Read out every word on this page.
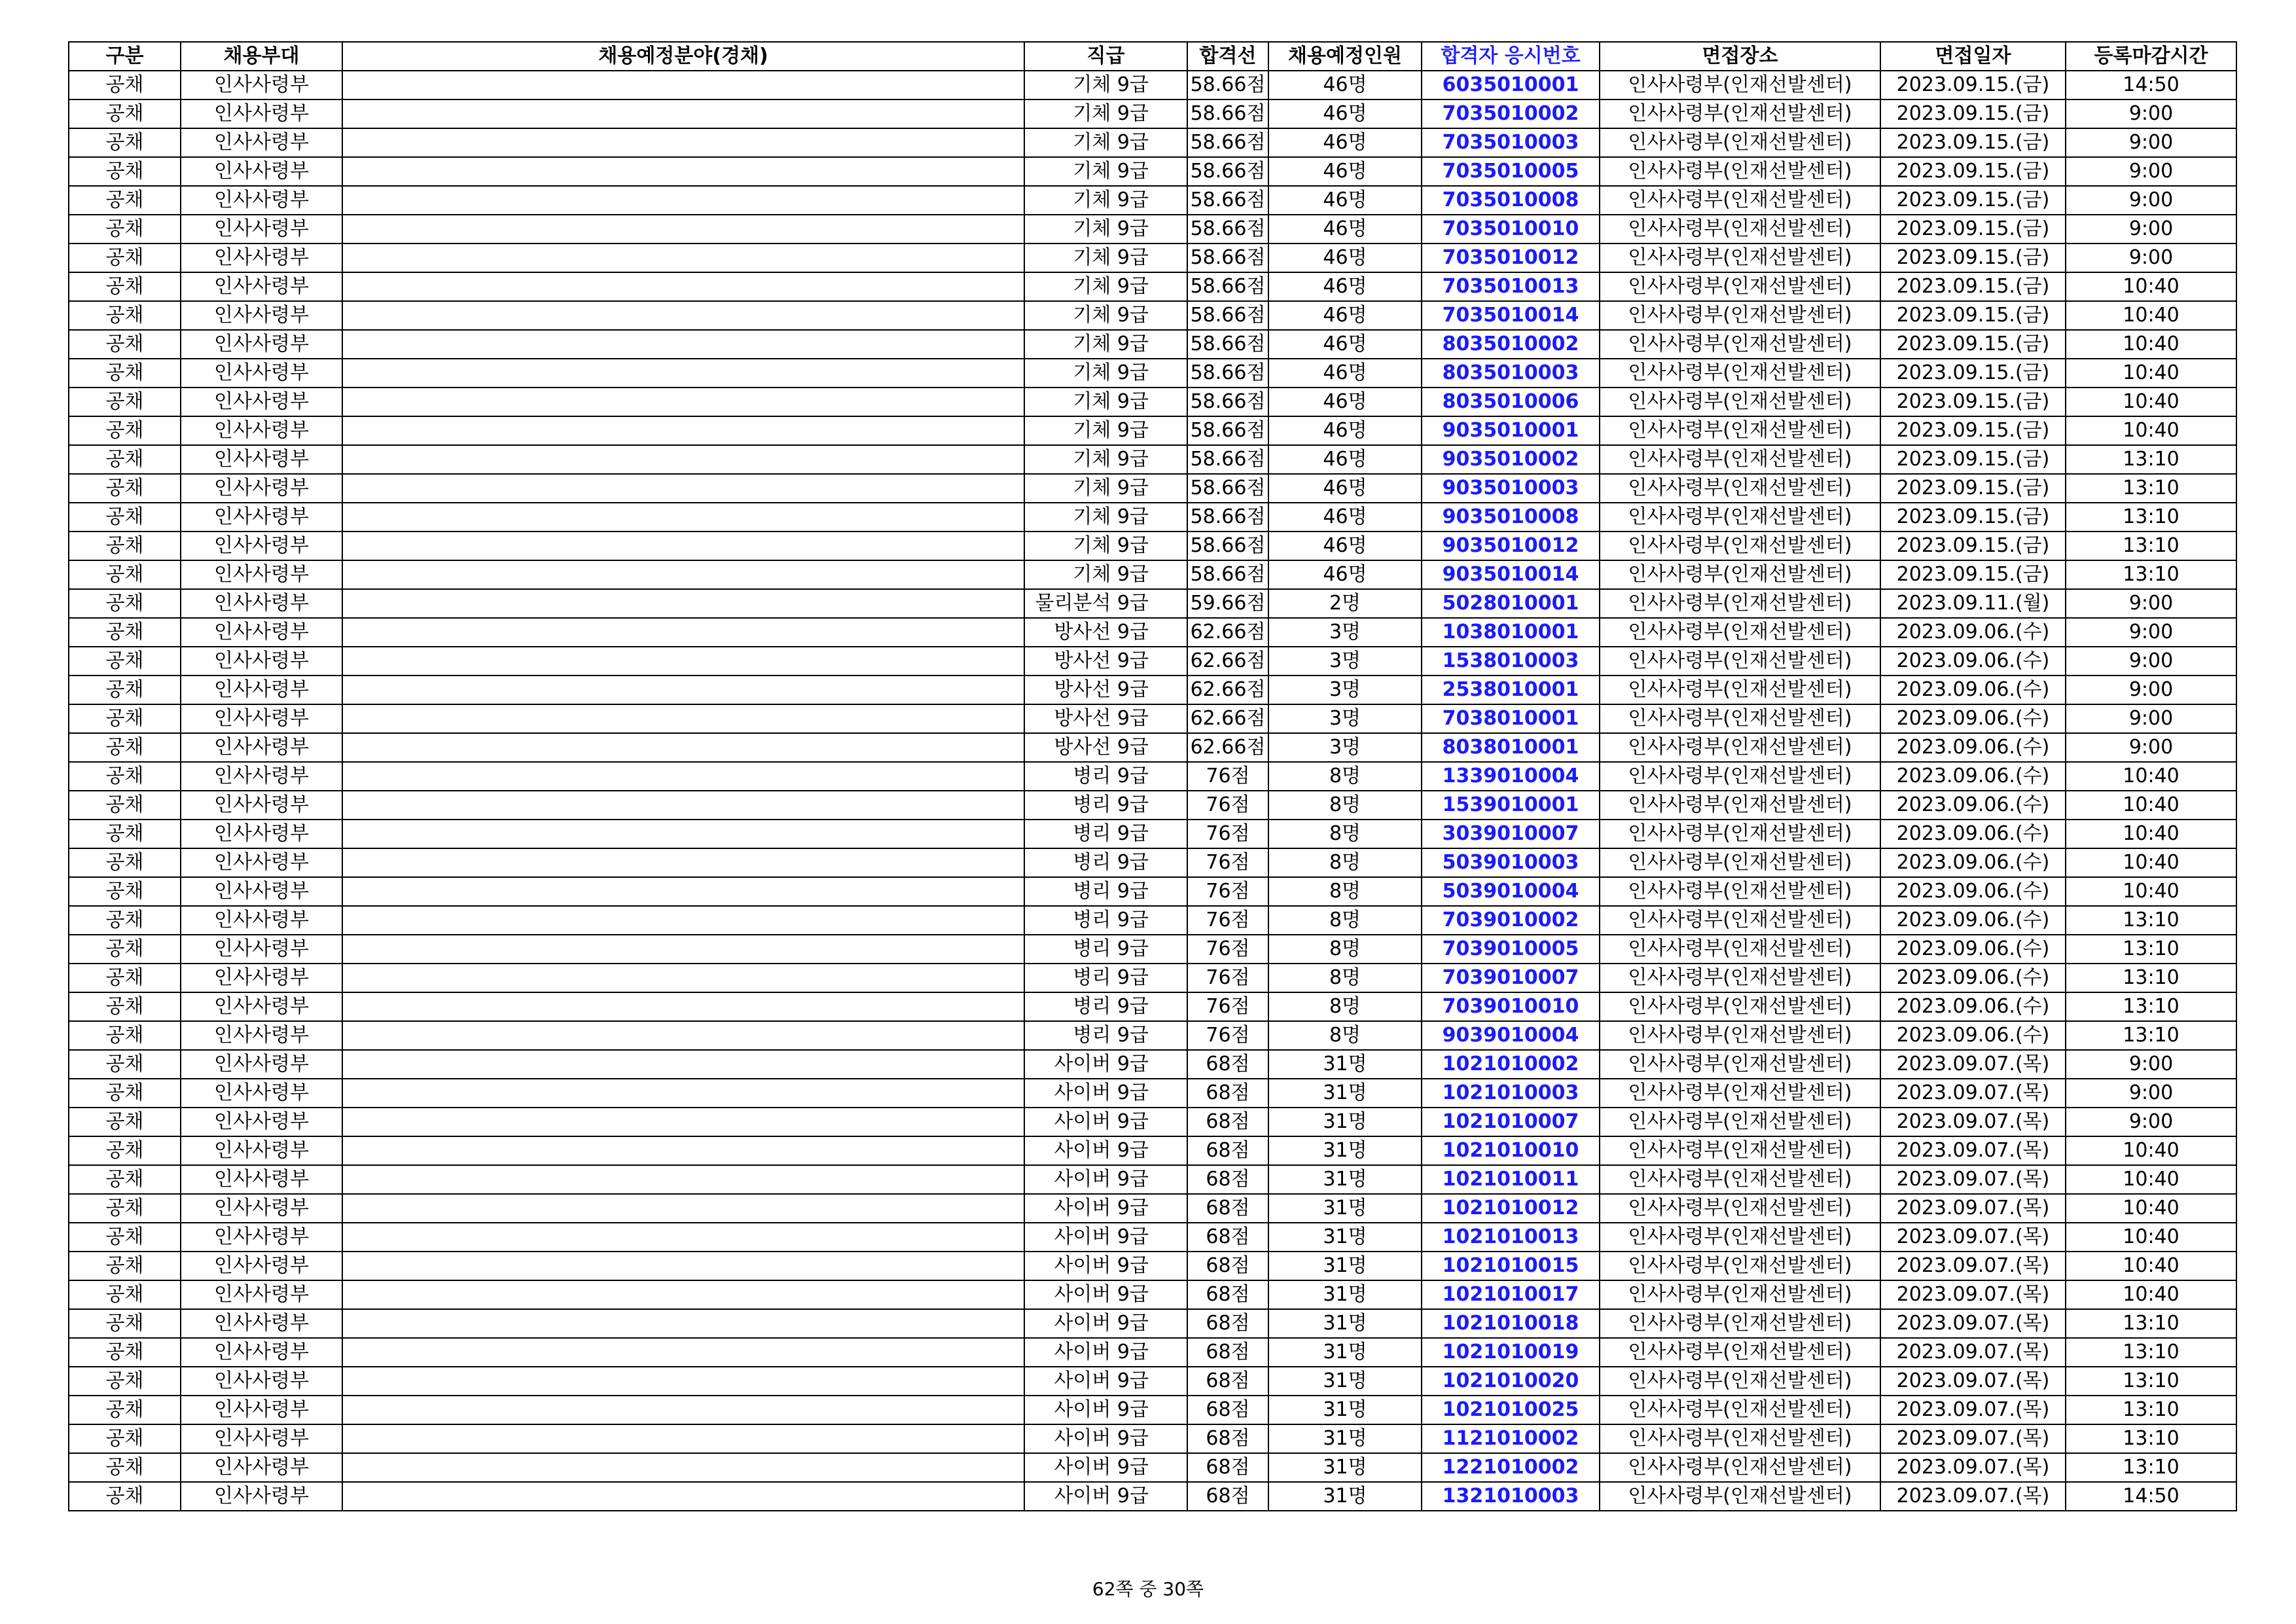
구분	채용부대	채용예정분야(경채)	직급	합격선	채용예정인원	합격자 응시번호	면접장소	면접일자	등록마감시간
공채	인사사령부		기체 9급	58.66점	46명	6035010001	인사사령부(인재선발센터)	2023.09.15.(금)	14:50
공채	인사사령부		기체 9급	58.66점	46명	7035010002	인사사령부(인재선발센터)	2023.09.15.(금)	9:00
공채	인사사령부		기체 9급	58.66점	46명	7035010003	인사사령부(인재선발센터)	2023.09.15.(금)	9:00
공채	인사사령부		기체 9급	58.66점	46명	7035010005	인사사령부(인재선발센터)	2023.09.15.(금)	9:00
공채	인사사령부		기체 9급	58.66점	46명	7035010008	인사사령부(인재선발센터)	2023.09.15.(금)	9:00
공채	인사사령부		기체 9급	58.66점	46명	7035010010	인사사령부(인재선발센터)	2023.09.15.(금)	9:00
공채	인사사령부		기체 9급	58.66점	46명	7035010012	인사사령부(인재선발센터)	2023.09.15.(금)	9:00
공채	인사사령부		기체 9급	58.66점	46명	7035010013	인사사령부(인재선발센터)	2023.09.15.(금)	10:40
공채	인사사령부		기체 9급	58.66점	46명	7035010014	인사사령부(인재선발센터)	2023.09.15.(금)	10:40
공채	인사사령부		기체 9급	58.66점	46명	8035010002	인사사령부(인재선발센터)	2023.09.15.(금)	10:40
공채	인사사령부		기체 9급	58.66점	46명	8035010003	인사사령부(인재선발센터)	2023.09.15.(금)	10:40
공채	인사사령부		기체 9급	58.66점	46명	8035010006	인사사령부(인재선발센터)	2023.09.15.(금)	10:40
공채	인사사령부		기체 9급	58.66점	46명	9035010001	인사사령부(인재선발센터)	2023.09.15.(금)	10:40
공채	인사사령부		기체 9급	58.66점	46명	9035010002	인사사령부(인재선발센터)	2023.09.15.(금)	13:10
공채	인사사령부		기체 9급	58.66점	46명	9035010003	인사사령부(인재선발센터)	2023.09.15.(금)	13:10
공채	인사사령부		기체 9급	58.66점	46명	9035010008	인사사령부(인재선발센터)	2023.09.15.(금)	13:10
공채	인사사령부		기체 9급	58.66점	46명	9035010012	인사사령부(인재선발센터)	2023.09.15.(금)	13:10
공채	인사사령부		기체 9급	58.66점	46명	9035010014	인사사령부(인재선발센터)	2023.09.15.(금)	13:10
공채	인사사령부		물리분석 9급	59.66점	2명	5028010001	인사사령부(인재선발센터)	2023.09.11.(월)	9:00
공채	인사사령부		방사선 9급	62.66점	3명	1038010001	인사사령부(인재선발센터)	2023.09.06.(수)	9:00
공채	인사사령부		방사선 9급	62.66점	3명	1538010003	인사사령부(인재선발센터)	2023.09.06.(수)	9:00
공채	인사사령부		방사선 9급	62.66점	3명	2538010001	인사사령부(인재선발센터)	2023.09.06.(수)	9:00
공채	인사사령부		방사선 9급	62.66점	3명	7038010001	인사사령부(인재선발센터)	2023.09.06.(수)	9:00
공채	인사사령부		방사선 9급	62.66점	3명	8038010001	인사사령부(인재선발센터)	2023.09.06.(수)	9:00
공채	인사사령부		병리 9급	76점	8명	1339010004	인사사령부(인재선발센터)	2023.09.06.(수)	10:40
공채	인사사령부		병리 9급	76점	8명	1539010001	인사사령부(인재선발센터)	2023.09.06.(수)	10:40
공채	인사사령부		병리 9급	76점	8명	3039010007	인사사령부(인재선발센터)	2023.09.06.(수)	10:40
공채	인사사령부		병리 9급	76점	8명	5039010003	인사사령부(인재선발센터)	2023.09.06.(수)	10:40
공채	인사사령부		병리 9급	76점	8명	5039010004	인사사령부(인재선발센터)	2023.09.06.(수)	10:40
공채	인사사령부		병리 9급	76점	8명	7039010002	인사사령부(인재선발센터)	2023.09.06.(수)	13:10
공채	인사사령부		병리 9급	76점	8명	7039010005	인사사령부(인재선발센터)	2023.09.06.(수)	13:10
공채	인사사령부		병리 9급	76점	8명	7039010007	인사사령부(인재선발센터)	2023.09.06.(수)	13:10
공채	인사사령부		병리 9급	76점	8명	7039010010	인사사령부(인재선발센터)	2023.09.06.(수)	13:10
공채	인사사령부		병리 9급	76점	8명	9039010004	인사사령부(인재선발센터)	2023.09.06.(수)	13:10
공채	인사사령부		사이버 9급	68점	31명	1021010002	인사사령부(인재선발센터)	2023.09.07.(목)	9:00
공채	인사사령부		사이버 9급	68점	31명	1021010003	인사사령부(인재선발센터)	2023.09.07.(목)	9:00
공채	인사사령부		사이버 9급	68점	31명	1021010007	인사사령부(인재선발센터)	2023.09.07.(목)	9:00
공채	인사사령부		사이버 9급	68점	31명	1021010010	인사사령부(인재선발센터)	2023.09.07.(목)	10:40
공채	인사사령부		사이버 9급	68점	31명	1021010011	인사사령부(인재선발센터)	2023.09.07.(목)	10:40
공채	인사사령부		사이버 9급	68점	31명	1021010012	인사사령부(인재선발센터)	2023.09.07.(목)	10:40
공채	인사사령부		사이버 9급	68점	31명	1021010013	인사사령부(인재선발센터)	2023.09.07.(목)	10:40
공채	인사사령부		사이버 9급	68점	31명	1021010015	인사사령부(인재선발센터)	2023.09.07.(목)	10:40
공채	인사사령부		사이버 9급	68점	31명	1021010017	인사사령부(인재선발센터)	2023.09.07.(목)	10:40
공채	인사사령부		사이버 9급	68점	31명	1021010018	인사사령부(인재선발센터)	2023.09.07.(목)	13:10
공채	인사사령부		사이버 9급	68점	31명	1021010019	인사사령부(인재선발센터)	2023.09.07.(목)	13:10
공채	인사사령부		사이버 9급	68점	31명	1021010020	인사사령부(인재선발센터)	2023.09.07.(목)	13:10
공채	인사사령부		사이버 9급	68점	31명	1021010025	인사사령부(인재선발센터)	2023.09.07.(목)	13:10
공채	인사사령부		사이버 9급	68점	31명	1121010002	인사사령부(인재선발센터)	2023.09.07.(목)	13:10
공채	인사사령부		사이버 9급	68점	31명	1221010002	인사사령부(인재선발센터)	2023.09.07.(목)	13:10
공채	인사사령부		사이버 9급	68점	31명	1321010003	인사사령부(인재선발센터)	2023.09.07.(목)	14:50
62쪽 중 30쪽
